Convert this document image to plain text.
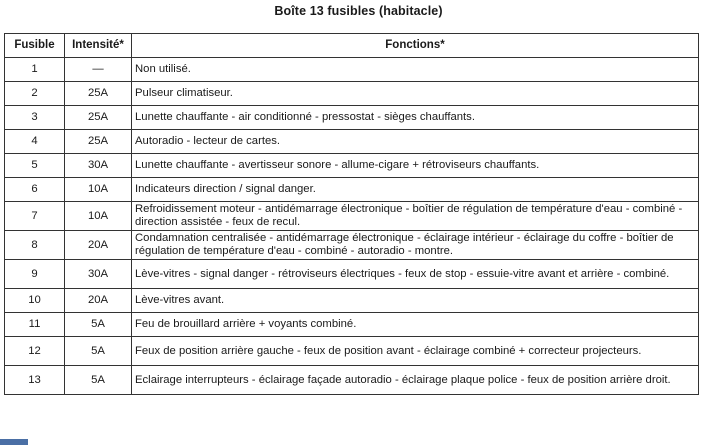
Boîte 13 fusibles (habitacle)
Fusible	Intensité*	Fonctions*
1	—	Non utilisé.
2	25A	Pulseur climatiseur.
3	25A	Lunette chauffante - air conditionné - pressostat - sièges chauffants.
4	25A	Autoradio - lecteur de cartes.
5	30A	Lunette chauffante - avertisseur sonore - allume-cigare + rétroviseurs chauffants.
6	10A	Indicateurs direction / signal danger.
7	10A	Refroidissement moteur - antidémarrage électronique - boîtier de régulation de température d'eau - combiné - direction assistée - feux de recul.
8	20A	Condamnation centralisée - antidémarrage électronique - éclairage intérieur - éclairage du coffre - boîtier de régulation de température d'eau - combiné - autoradio - montre.
9	30A	Lève-vitres - signal danger - rétroviseurs électriques - feux de stop - essuie-vitre avant et arrière - combiné.
10	20A	Lève-vitres avant.
11	5A	Feu de brouillard arrière + voyants combiné.
12	5A	Feux de position arrière gauche - feux de position avant - éclairage combiné + correcteur projecteurs.
13	5A	Eclairage interrupteurs - éclairage façade autoradio - éclairage plaque police - feux de position arrière droit.
